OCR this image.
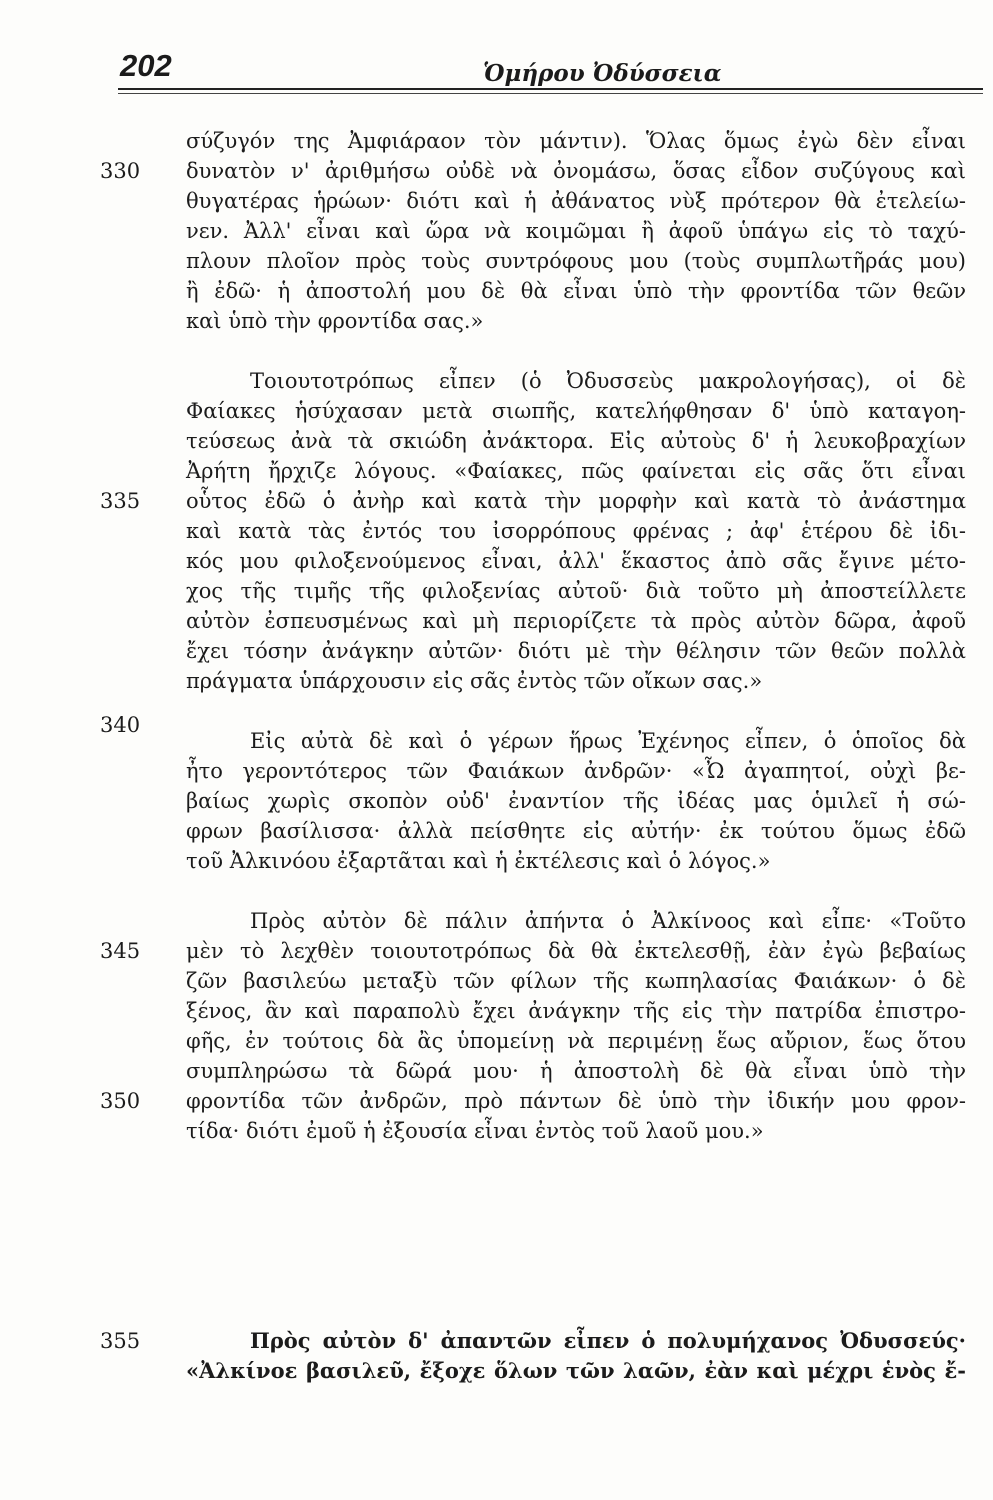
202	Ὁμήρου Ὀδύσσεια
330
335
340
345
350
355
σύζυγόν της Ἀμφιάραον τὸν μάντιν). Ὅλας ὅμως ἐγὼ δὲν εἶναι
δυνατὸν ν' ἀριθμήσω οὐδὲ νὰ ὀνομάσω, ὅσας εἶδον συζύγους καὶ
θυγατέρας ἡρώων· διότι καὶ ἡ ἀθάνατος νὺξ πρότερον θὰ ἐτελείω-
νεν. Ἀλλ' εἶναι καὶ ὥρα νὰ κοιμῶμαι ἢ ἀφοῦ ὑπάγω εἰς τὸ ταχύ-
πλουν πλοῖον πρὸς τοὺς συντρόφους μου (τοὺς συμπλωτῆράς μου)
ἢ ἐδῶ· ἡ ἀποστολή μου δὲ θὰ εἶναι ὑπὸ τὴν φροντίδα τῶν θεῶν
καὶ ὑπὸ τὴν φροντίδα σας.»
Τοιουτοτρόπως εἶπεν (ὁ Ὀδυσσεὺς μακρολογήσας), οἱ δὲ
Φαίακες ἡσύχασαν μετὰ σιωπῆς, κατελήφθησαν δ' ὑπὸ καταγοη-
τεύσεως ἀνὰ τὰ σκιώδη ἀνάκτορα. Εἰς αὐτοὺς δ' ἡ λευκοβραχίων
Ἀρήτη ἤρχιζε λόγους. «Φαίακες, πῶς φαίνεται εἰς σᾶς ὅτι εἶναι
οὗτος ἐδῶ ὁ ἀνὴρ καὶ κατὰ τὴν μορφὴν καὶ κατὰ τὸ ἀνάστημα
καὶ κατὰ τὰς ἐντός του ἰσορρόπους φρένας ; ἀφ' ἑτέρου δὲ ἰδι-
κός μου φιλοξενούμενος εἶναι, ἀλλ' ἕκαστος ἀπὸ σᾶς ἔγινε μέτο-
χος τῆς τιμῆς τῆς φιλοξενίας αὐτοῦ· διὰ τοῦτο μὴ ἀποστείλλετε
αὐτὸν ἐσπευσμένως καὶ μὴ περιορίζετε τὰ πρὸς αὐτὸν δῶρα, ἀφοῦ
ἔχει τόσην ἀνάγκην αὐτῶν· διότι μὲ τὴν θέλησιν τῶν θεῶν πολλὰ
πράγματα ὑπάρχουσιν εἰς σᾶς ἐντὸς τῶν οἴκων σας.»
Εἰς αὐτὰ δὲ καὶ ὁ γέρων ἥρως Ἐχένηος εἶπεν, ὁ ὁποῖος δὰ
ἦτο γεροντότερος τῶν Φαιάκων ἀνδρῶν· «Ὦ ἀγαπητοί, οὐχὶ βε-
βαίως χωρὶς σκοπὸν οὐδ' ἐναντίον τῆς ἰδέας μας ὁμιλεῖ ἡ σώ-
φρων βασίλισσα· ἀλλὰ πείσθητε εἰς αὐτήν· ἐκ τούτου ὅμως ἐδῶ
τοῦ Ἀλκινόου ἐξαρτᾶται καὶ ἡ ἐκτέλεσις καὶ ὁ λόγος.»
Πρὸς αὐτὸν δὲ πάλιν ἀπήντα ὁ Ἀλκίνοος καὶ εἶπε· «Τοῦτο
μὲν τὸ λεχθὲν τοιουτοτρόπως δὰ θὰ ἐκτελεσθῇ, ἐὰν ἐγὼ βεβαίως
ζῶν βασιλεύω μεταξὺ τῶν φίλων τῆς κωπηλασίας Φαιάκων· ὁ δὲ
ξένος, ἂν καὶ παραπολὺ ἔχει ἀνάγκην τῆς εἰς τὴν πατρίδα ἐπιστρο-
φῆς, ἐν τούτοις δὰ ἂς ὑπομείνῃ νὰ περιμένῃ ἕως αὔριον, ἕως ὅτου
συμπληρώσω τὰ δῶρά μου· ἡ ἀποστολὴ δὲ θὰ εἶναι ὑπὸ τὴν
φροντίδα τῶν ἀνδρῶν, πρὸ πάντων δὲ ὑπὸ τὴν ἰδικήν μου φρον-
τίδα· διότι ἐμοῦ ἡ ἐξουσία εἶναι ἐντὸς τοῦ λαοῦ μου.»
Πρὸς αὐτὸν δ' ἀπαντῶν εἶπεν ὁ πολυμήχανος Ὀδυσσεύς·
«Ἀλκίνοε βασιλεῦ, ἔξοχε ὅλων τῶν λαῶν, ἐὰν καὶ μέχρι ἑνὸς ἔ-
